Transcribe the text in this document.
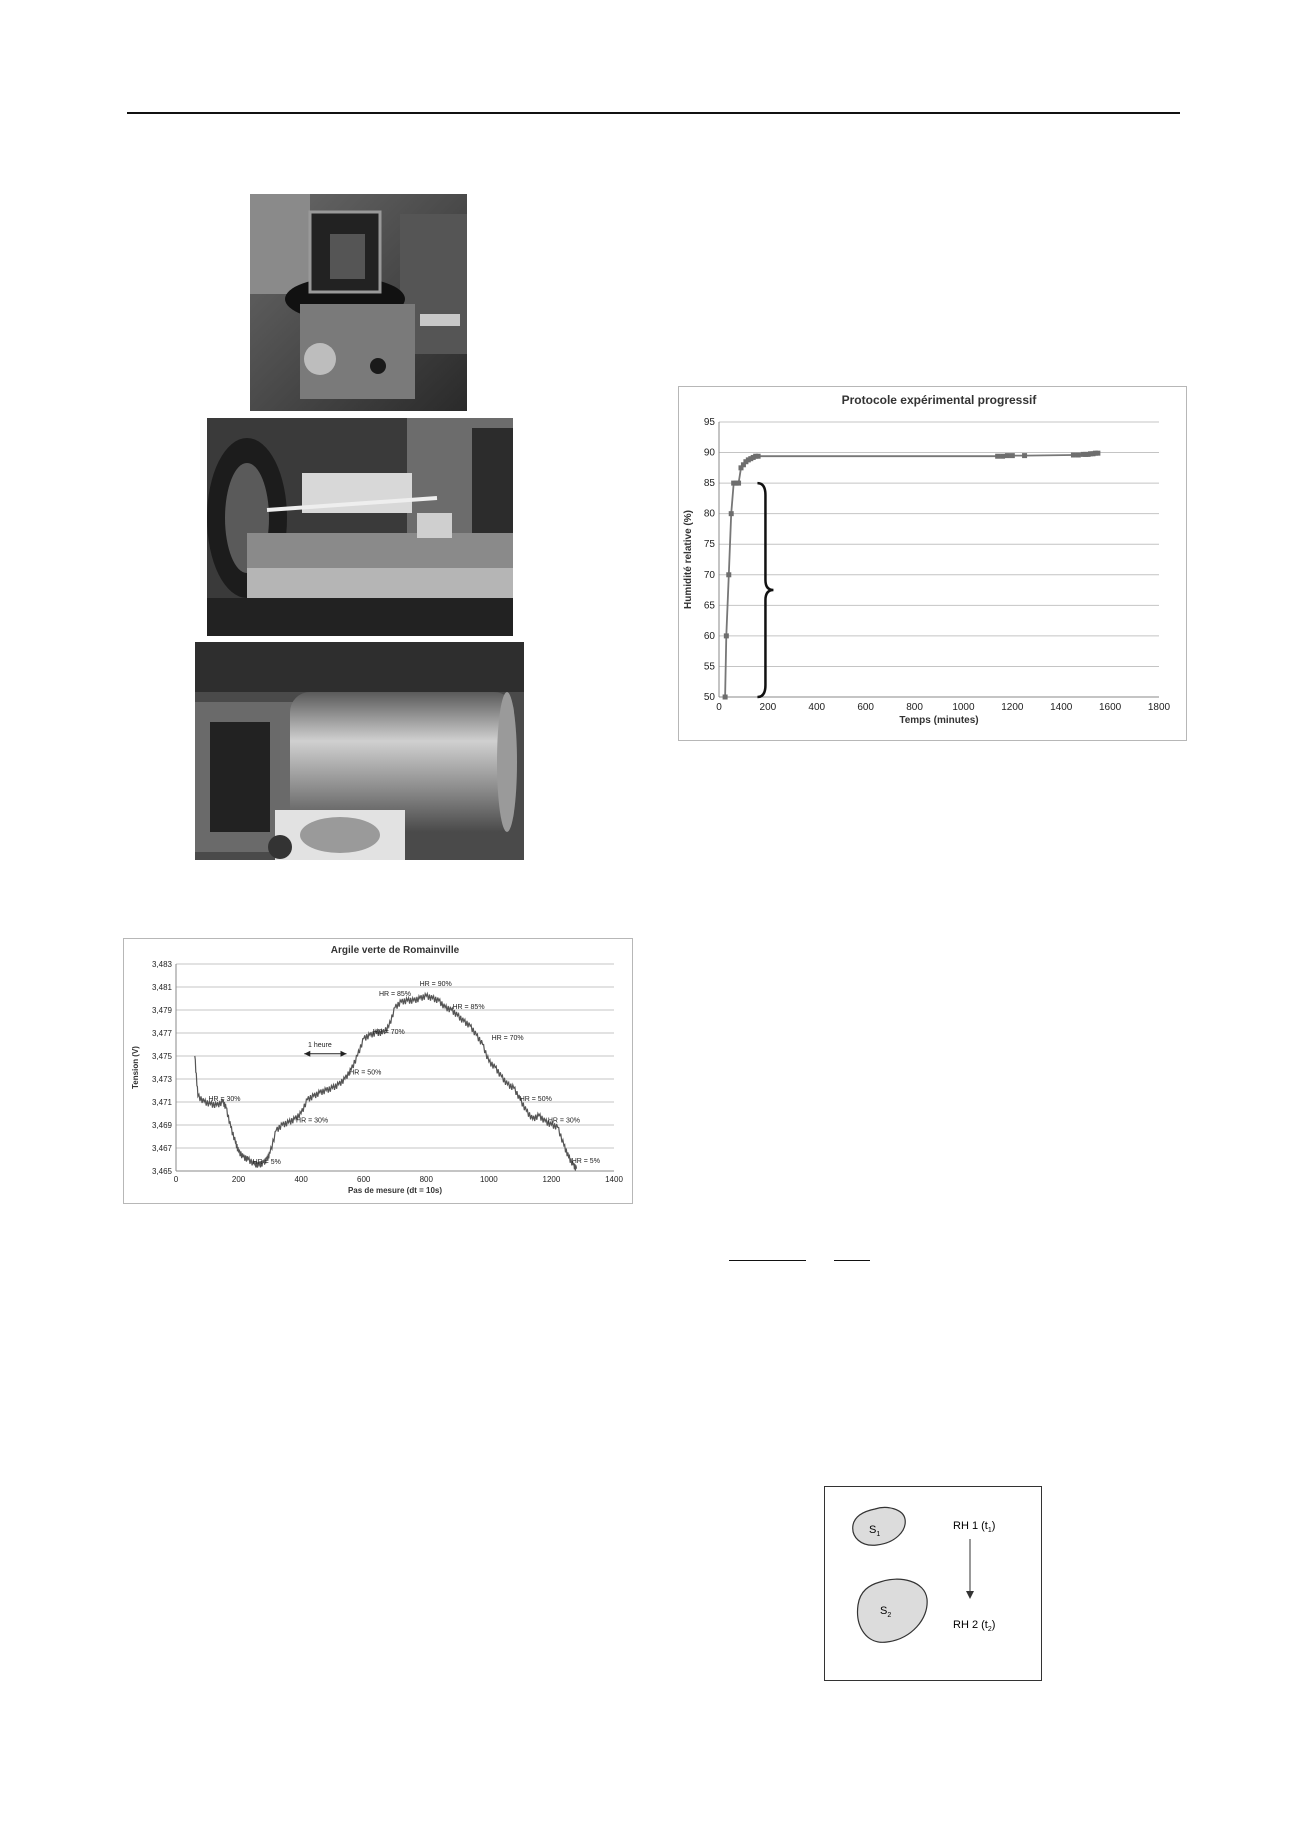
3,465
3,467
3,469
3,471
3,473
3,475
3,477
3,479
3,481
3,483
0	200	400	600	800	1000	1200	1400
Argile verte de Romainville
Pas de mesure (dt = 10s)
Tension (V)
HR = 30%
HR = 5%
HR = 30%
HR = 50%
HR = 70%
HR = 85%
HR = 90%
HR = 85%
HR = 70%
HR = 50%
HR = 30%
HR = 5%
1 heure
50
55
60
65
70
75
80
85
90
95
0	200	400	600	800	1000	1200	1400	1600	1800
Protocole expérimental progressif
Temps (minutes)
Humidité relative (%)
$S_1$
$S_2$
RH 1 $(t_1)$
RH 2 $(t_2)$
